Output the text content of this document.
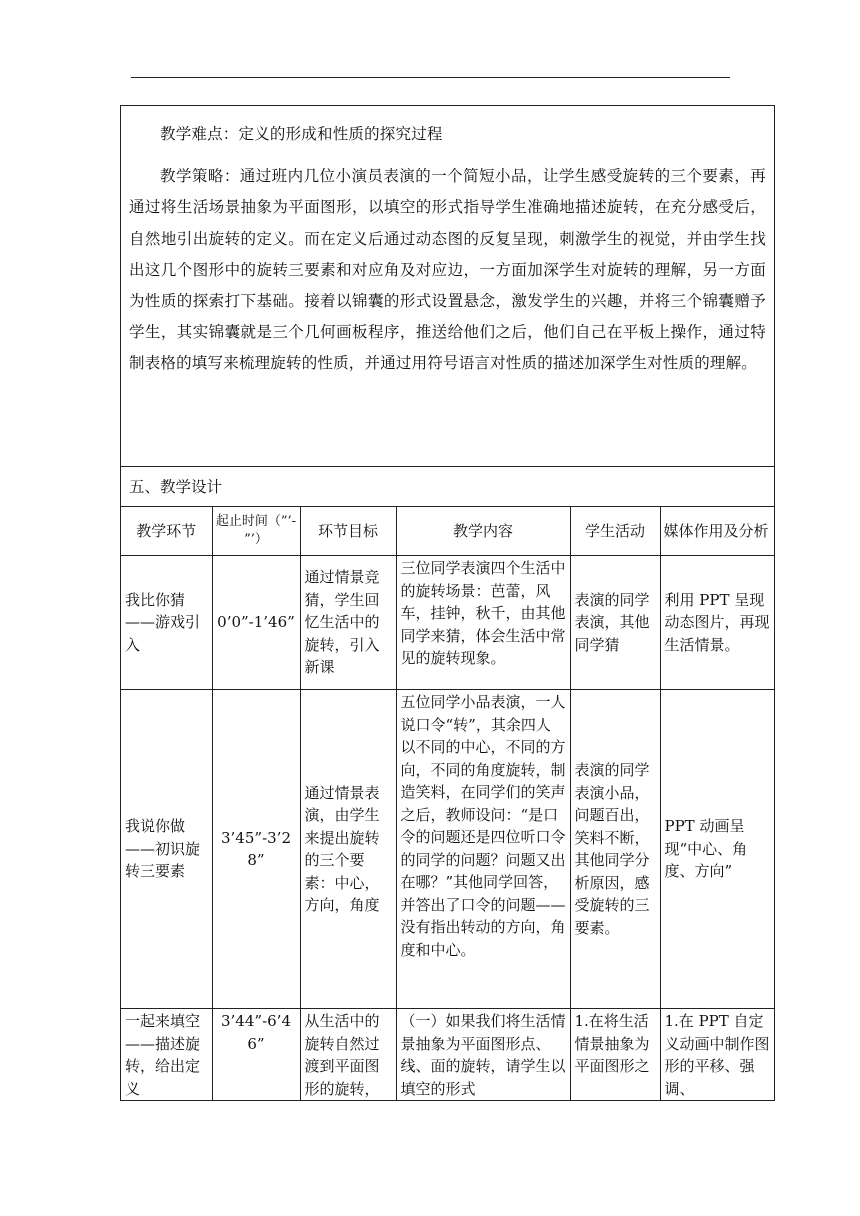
教学难点：定义的形成和性质的探究过程

教学策略：通过班内几位小演员表演的一个简短小品，让学生感受旋转的三个要素，再通过将生活场景抽象为平面图形，以填空的形式指导学生准确地描述旋转，在充分感受后，自然地引出旋转的定义。而在定义后通过动态图的反复呈现，刺激学生的视觉，并由学生找出这几个图形中的旋转三要素和对应角及对应边，一方面加深学生对旋转的理解，另一方面为性质的探索打下基础。接着以锦囊的形式设置悬念，激发学生的兴趣，并将三个锦囊赠予学生，其实锦囊就是三个几何画板程序，推送给他们之后，他们自己在平板上操作，通过特制表格的填写来梳理旋转的性质，并通过用符号语言对性质的描述加深学生对性质的理解。

五、教学设计
教学环节	起止时间（”’- ”’）	环节目标	教学内容	学生活动	媒体作用及分析
我比你猜——游戏引入	0’0”-1’46”	通过情景竞猜，学生回忆生活中的旋转，引入新课	三位同学表演四个生活中的旋转场景：芭蕾，风车，挂钟，秋千，由其他同学来猜，体会生活中常见的旋转现象。	表演的同学表演，其他同学猜	利用 PPT 呈现动态图片，再现生活情景。
我说你做——初识旋转三要素	3’45”-3’28”	通过情景表演，由学生来提出旋转的三个要素：中心，方向，角度	五位同学小品表演，一人说口令“转”，其余四人以不同的中心，不同的方向，不同的角度旋转，制造笑料，在同学们的笑声之后，教师设问：“是口令的问题还是四位听口令的同学的问题？问题又出在哪？”其他同学回答，并答出了口令的问题——没有指出转动的方向，角度和中心。	表演的同学表演小品，问题百出，笑料不断，其他同学分析原因，感受旋转的三要素。	PPT 动画呈现“中心、角度、方向”
一起来填空——描述旋转，给出定义	3’44”-6’46”	从生活中的旋转自然过渡到平面图形的旋转，	（一）如果我们将生活情景抽象为平面图形点、线、面的旋转，请学生以填空的形式	1.在将生活情景抽象为平面图形之	1.在 PPT 自定义动画中制作图形的平移、强调、
